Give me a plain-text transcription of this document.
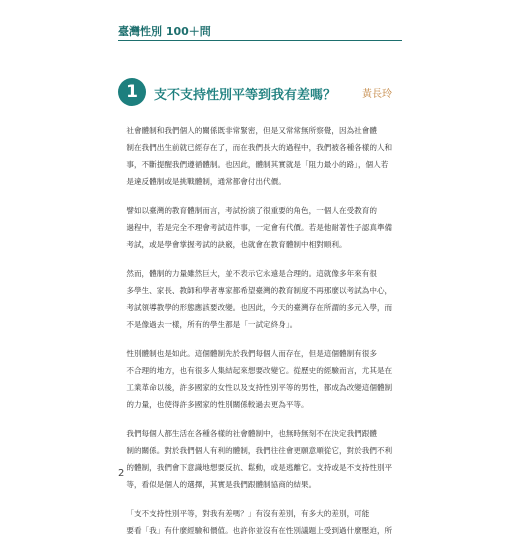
臺灣性別 100＋問
1	支不支持性別平等到我有差嗎？	黃長玲

社會體制和我們個人的關係既非常緊密，但是又常常無所察覺，因為社會體
制在我們出生前就已經存在了，而在我們長大的過程中，我們被各種各樣的人和
事，不斷提醒我們遵循體制。也因此，體制其實就是「阻力最小的路」，個人若
是違反體制或是挑戰體制，通常都會付出代價。

譬如以臺灣的教育體制而言，考試扮演了很重要的角色，一個人在受教育的
過程中，若是完全不理會考試這件事，一定會有代價。若是他耐著性子認真準備
考試，或是學會掌握考試的訣竅，也就會在教育體制中相對順利。

然而，體制的力量雖然巨大，並不表示它永遠是合理的。這就像多年來有很
多學生、家長、教師和學者專家都希望臺灣的教育制度不再那麼以考試為中心，
考試領導教學的形態應該要改變。也因此，今天的臺灣存在所謂的多元入學，而
不是像過去一樣，所有的學生都是「一試定終身」。

性別體制也是如此。這個體制先於我們每個人而存在，但是這個體制有很多
不合理的地方，也有很多人集結起來想要改變它。從歷史的經驗而言，尤其是在
工業革命以後，許多國家的女性以及支持性別平等的男性，都成為改變這個體制
的力量，也使得許多國家的性別關係較過去更為平等。

我們每個人都生活在各種各樣的社會體制中，也無時無刻不在決定我們跟體
制的關係。對於我們個人有利的體制，我們往往會更願意順從它，對於我們不利
的體制，我們會下意識地想要反抗、鬆動，或是逃離它。支持或是不支持性別平
等，看似是個人的選擇，其實是我們跟體制協商的結果。

「支不支持性別平等，對我有差嗎？」有沒有差別，有多大的差別，可能
要看「我」有什麼經驗和價值。也許你並沒有在性別議題上受到過什麼壓迫，所

2
